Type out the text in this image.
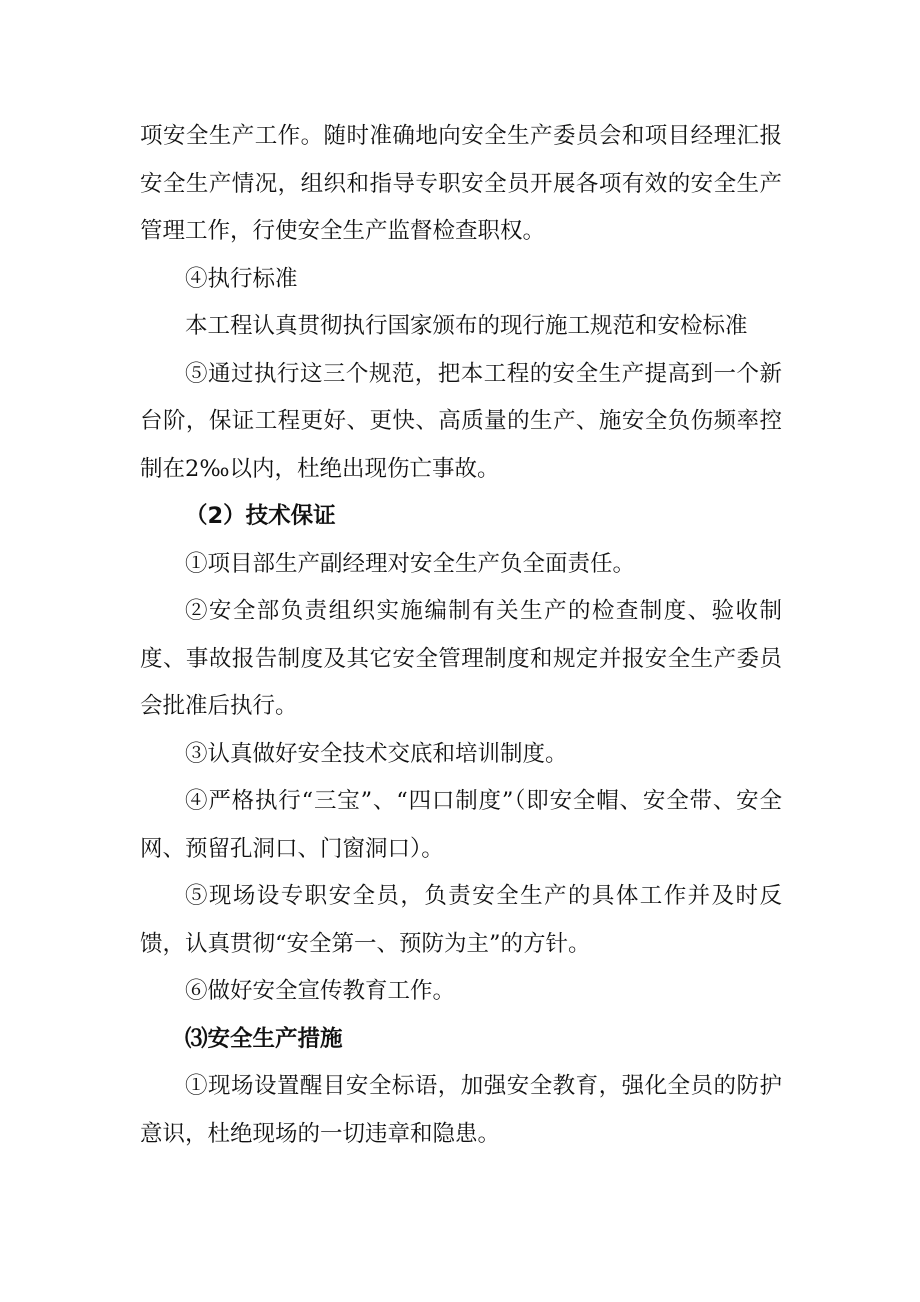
项安全生产工作。随时准确地向安全生产委员会和项目经理汇报安全生产情况，组织和指导专职安全员开展各项有效的安全生产管理工作，行使安全生产监督检查职权。

④执行标准

本工程认真贯彻执行国家颁布的现行施工规范和安检标准

⑤通过执行这三个规范，把本工程的安全生产提高到一个新台阶，保证工程更好、更快、高质量的生产、施安全负伤频率控制在2‰以内，杜绝出现伤亡事故。

（2）技术保证

①项目部生产副经理对安全生产负全面责任。

②安全部负责组织实施编制有关生产的检查制度、验收制度、事故报告制度及其它安全管理制度和规定并报安全生产委员会批准后执行。

③认真做好安全技术交底和培训制度。

④严格执行“三宝”、“四口制度”（即安全帽、安全带、安全网、预留孔洞口、门窗洞口）。

⑤现场设专职安全员，负责安全生产的具体工作并及时反馈，认真贯彻“安全第一、预防为主”的方针。

⑥做好安全宣传教育工作。

⑶安全生产措施

①现场设置醒目安全标语，加强安全教育，强化全员的防护意识，杜绝现场的一切违章和隐患。
